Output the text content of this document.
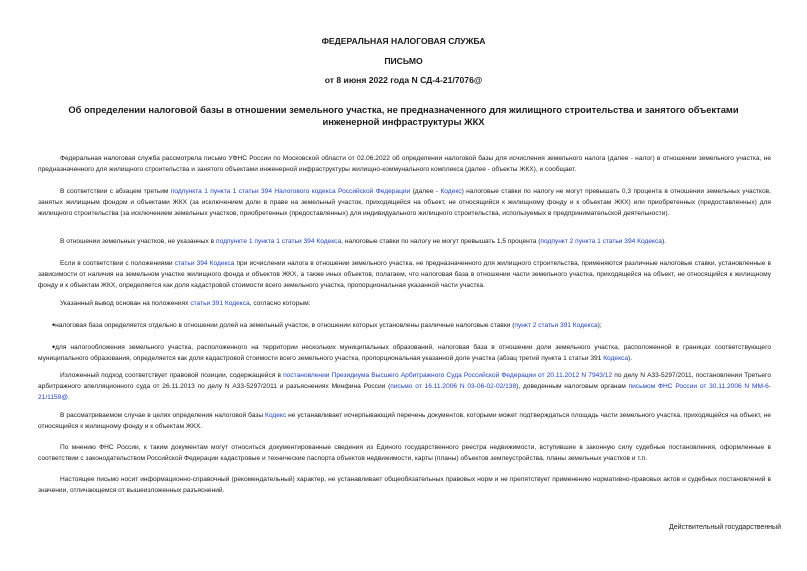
ФЕДЕРАЛЬНАЯ НАЛОГОВАЯ СЛУЖБА
ПИСЬМО
от 8 июня 2022 года N СД-4-21/7076@
Об определении налоговой базы в отношении земельного участка, не предназначенного для жилищного строительства и занятого объектами инженерной инфраструктуры ЖКХ
Федеральная налоговая служба рассмотрела письмо УФНС России по Московской области от 02.06.2022 об определении налоговой базы для исчисления земельного налога (далее - налог) в отношении земельного участка, не предназначенного для жилищного строительства и занятого объектами инженерной инфраструктуры жилищно-коммунального комплекса (далее - объекты ЖКХ), и сообщает.
В соответствии с абзацем третьим подпункта 1 пункта 1 статьи 394 Налогового кодекса Российской Федерации (далее - Кодекс) налоговые ставки по налогу не могут превышать 0,3 процента в отношении земельных участков, занятых жилищным фондом и объектами ЖКХ (за исключением доли в праве на земельный участок, приходящейся на объект, не относящийся к жилищному фонду и к объектам ЖКХ) или приобретенных (предоставленных) для жилищного строительства (за исключением земельных участков, приобретенных (предоставленных) для индивидуального жилищного строительства, используемых в предпринимательской деятельности).
В отношении земельных участков, не указанных в подпункте 1 пункта 1 статьи 394 Кодекса, налоговые ставки по налогу не могут превышать 1,5 процента (подпункт 2 пункта 1 статьи 394 Кодекса).
Если в соответствии с положениями статьи 394 Кодекса при исчислении налога в отношении земельного участка, не предназначенного для жилищного строительства, применяются различные налоговые ставки, установленные в зависимости от наличия на земельном участке жилищного фонда и объектов ЖКХ, а также иных объектов, полагаем, что налоговая база в отношении части земельного участка, приходящейся на объект, не относящийся к жилищному фонду и к объектам ЖКХ, определяется как доля кадастровой стоимости всего земельного участка, пропорциональная указанной части участка.
Указанный вывод основан на положениях статьи 391 Кодекса, согласно которым:
•налоговая база определяется отдельно в отношении долей на земельный участок, в отношении которых установлены различные налоговые ставки (пункт 2 статьи 391 Кодекса);
•для налогообложения земельного участка, расположенного на территории нескольких муниципальных образований, налоговая база в отношении доли земельного участка, расположенной в границах соответствующего муниципального образования, определяется как доля кадастровой стоимости всего земельного участка, пропорциональная указанной доле участка (абзац третий пункта 1 статьи 391 Кодекса).
Изложенный подход соответствует правовой позиции, содержащейся в постановлении Президиума Высшего Арбитражного Суда Российской Федерации от 20.11.2012 N 7943/12 по делу N А33-5297/2011, постановлении Третьего арбитражного апелляционного суда от 26.11.2013 по делу N А33-5297/2011 и разъяснениях Минфина России (письмо от 16.11.2006 N 03-06-02-02/138), доведенным налоговым органам письмом ФНС России от 30.11.2006 N ММ-6-21/1159@.
В рассматриваемом случае в целях определения налоговой базы Кодекс не устанавливает исчерпывающий перечень документов, которыми может подтверждаться площадь части земельного участка, приходящейся на объект, не относящийся к жилищному фонду и к объектам ЖКХ.
По мнению ФНС России, к таким документам могут относиться документированные сведения из Единого государственного реестра недвижимости, вступившие в законную силу судебные постановления, оформленные в соответствии с законодательством Российской Федерации кадастровые и технические паспорта объектов недвижимости, карты (планы) объектов землеустройства, планы земельных участков и т.п.
Настоящее письмо носит информационно-справочный (рекомендательный) характер, не устанавливает общеобязательных правовых норм и не препятствует применению нормативно-правовых актов и судебных постановлений в значении, отличающемся от вышеизложенных разъяснений.
Действительный государственный
